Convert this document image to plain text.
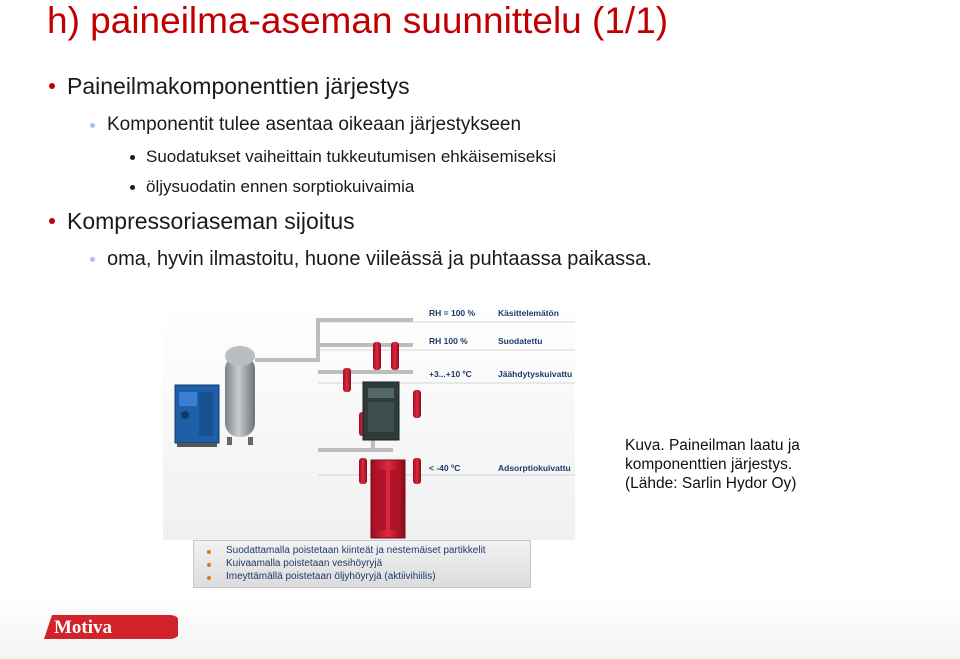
h) paineilma-aseman suunnittelu (1/1)
Paineilmakomponenttien järjestys
Komponentit tulee asentaa oikeaan järjestykseen
Suodatukset vaiheittain tukkeutumisen ehkäisemiseksi
öljysuodatin ennen sorptiokuivaimia
Kompressoriaseman sijoitus
oma, hyvin ilmastoitu, huone viileässä ja puhtaassa paikassa.
RH = 100 %	Käsittelemätön
RH 100 %	Suodatettu
+3...+10 ºC	Jäähdytyskuivattu
< -40 ºC	Adsorptiokuivattu
Suodattamalla poistetaan kiinteät ja nestemäiset partikkelit
Kuivaamalla poistetaan vesihöyryjä
Imeyttämällä poistetaan öljyhöyryjä (aktiivihiilis)
Kuva. Paineilman laatu ja
komponenttien järjestys.
(Lähde: Sarlin Hydor Oy)
Motiva
